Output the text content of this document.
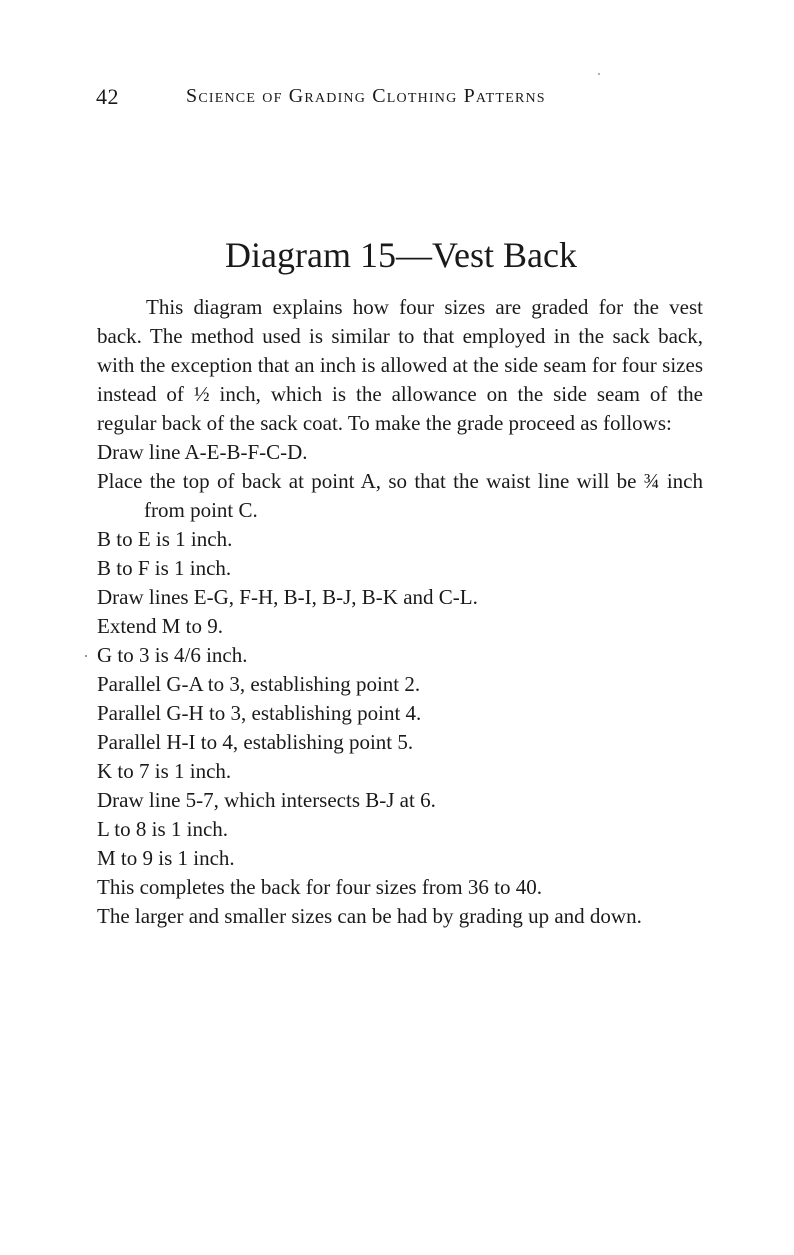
42	Science of Grading Clothing Patterns
Diagram 15—Vest Back

This diagram explains how four sizes are graded for the vest back. The method used is similar to that employed in the sack back, with the exception that an inch is allowed at the side seam for four sizes instead of ½ inch, which is the allowance on the side seam of the regular back of the sack coat. To make the grade proceed as follows:

Draw line A-E-B-F-C-D.

Place the top of back at point A, so that the waist line will be ¾ inch from point C.

B to E is 1 inch.

B to F is 1 inch.

Draw lines E-G, F-H, B-I, B-J, B-K and C-L.

Extend M to 9.

G to 3 is 4/6 inch.

Parallel G-A to 3, establishing point 2.

Parallel G-H to 3, establishing point 4.

Parallel H-I to 4, establishing point 5.

K to 7 is 1 inch.

Draw line 5-7, which intersects B-J at 6.

L to 8 is 1 inch.

M to 9 is 1 inch.

This completes the back for four sizes from 36 to 40.

The larger and smaller sizes can be had by grading up and down.
